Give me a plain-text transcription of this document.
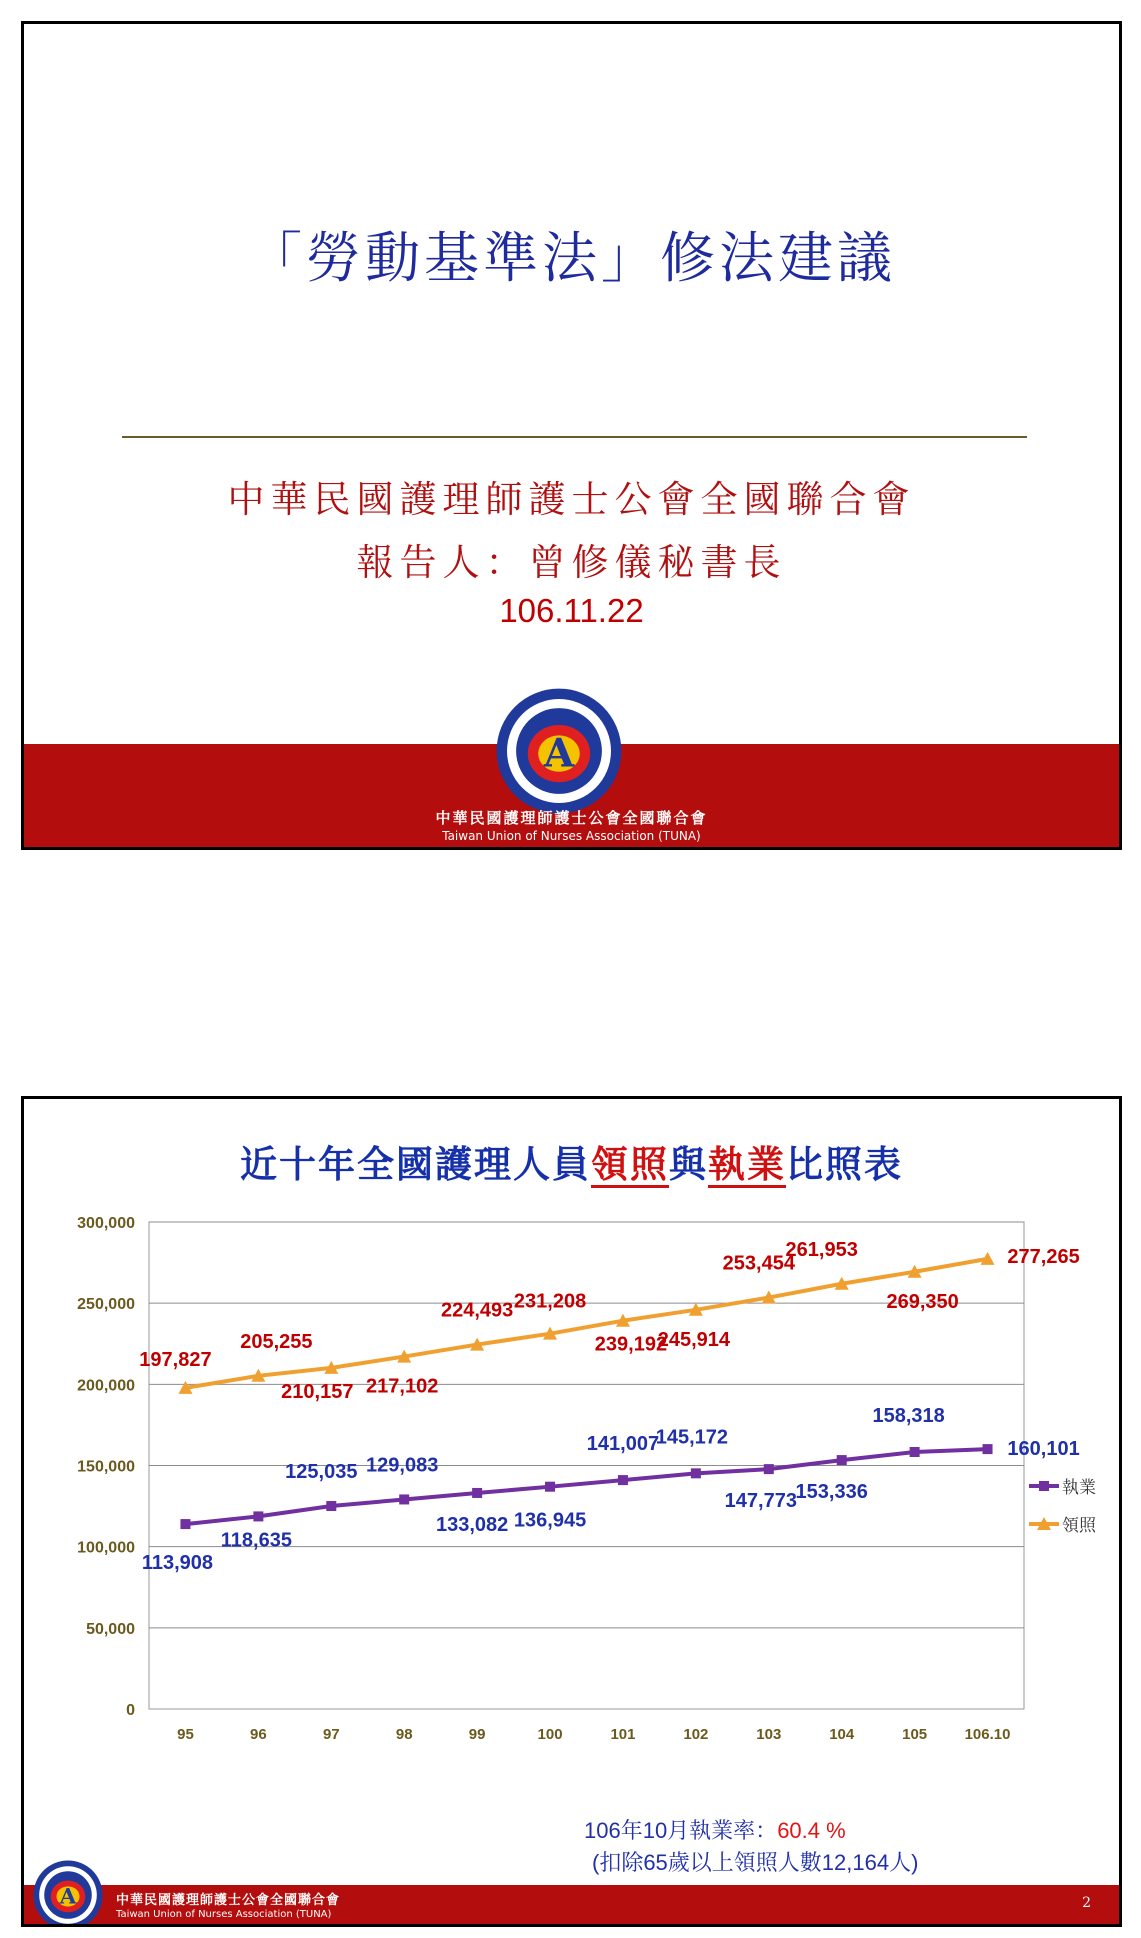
「勞動基準法」修法建議
中華民國護理師護士公會全國聯合會
報告人：曾修儀秘書長
106.11.22
A
中華民國護理師護士公會全國聯合會
Taiwan Union of Nurses Association (TUNA)
近十年全國護理人員領照與執業比照表
0
50,000
100,000
150,000
200,000
250,000
300,000
95	96	97	98	99	100	101	102	103	104	105 106.10
113,908
118,635
125,035 129,083
133,082 136,945
141,007
145,172
147,773
153,336
158,318
160,101
197,827
205,255
210,157 217,102
224,493 231,208
239,192
245,914
253,454
261,953
269,350
277,265
執業
領照
106年10月執業率：60.4 %
(扣除65歲以上領照人數12,164人)
A	中華民國護理師護士公會全國聯合會
Taiwan Union of Nurses Association (TUNA)
2
